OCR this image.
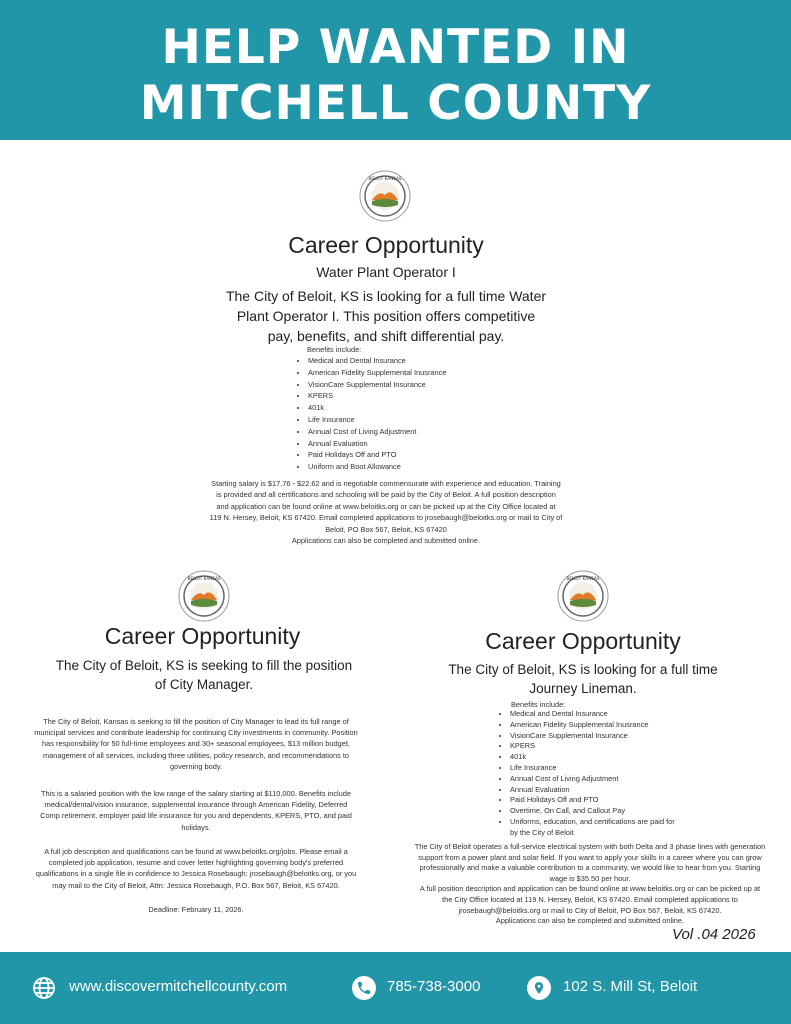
HELP WANTED IN
MITCHELL COUNTY
BELOIT KANSAS
Career Opportunity
Water Plant Operator I
The City of Beloit, KS is looking for a full time Water
Plant Operator I. This position offers competitive
pay, benefits, and shift differential pay.
Benefits include:
• Medical and Dental Insurance
• American Fidelity Supplemental Inusrance
• VisionCare Supplemental Insurance
• KPERS
• 401k
• Life Insurance
• Annual Cost of Living Adjustment
• Annual Evaluation
• Paid Holidays Off and PTO
• Uniform and Boot Allowance
Starting salary is $17.76 - $22.62 and is negotiable commensurate with experience and education. Training
is provided and all certifications and schooling will be paid by the City of Beloit. A full position description
and application can be found online at www.beloitks.org or can be picked up at the City Office located at
119 N. Hersey, Beloit, KS 67420. Email completed applications to jrosebaugh@beloitks.org or mail to City of
Beloit, PO Box 567, Beloit, KS 67420
Applications can also be completed and submitted online.
BELOIT KANSAS
Career Opportunity
The City of Beloit, KS is seeking to fill the position
of City Manager.
The City of Beloit, Kansas is seeking to fill the position of City Manager to lead its full range of
municipal services and contribute leadership for continuing City investments in community. Position
has responsibility for 50 full-time employees and 30+ seasonal employees, $13 million budget,
management of all services, including three utilities, policy research, and recommendations to
governing body.
This is a salaried position with the low range of the salary starting at $110,000. Benefits include
medical/dental/vision insurance, supplemental insurance through American Fidelity, Deferred
Comp retirement, employer paid life insurance for you and dependents, KPERS, PTO, and paid
holidays.
A full job description and qualifications can be found at www.beloitks.org/jobs. Please email a
completed job application, resume and cover letter highlighting governing body's preferred
qualifications in a single file in confidence to Jessica Rosebaugh: jrosebaugh@beloitks.org, or you
may mail to the City of Beloit, Attn: Jessica Rosebaugh, P.O. Box 567, Beloit, KS 67420.
Deadline: February 11, 2026.
BELOIT KANSAS
Career Opportunity
The City of Beloit, KS is looking for a full time
Journey Lineman.
Benefits include:
• Medical and Dental Insurance
• American Fidelity Supplemental Inusrance
• VisionCare Supplemental Insurance
• KPERS
• 401k
• Life Insurance
• Annual Cost of Living Adjustment
• Annual Evaluation
• Paid Holidays Off and PTO
• Overtime, On Call, and Callout Pay
• Uniforms, education, and certifications are paid for by the City of Beloit
The City of Beloit operates a full-service electrical system with both Delta and 3 phase lines with generation
support from a power plant and solar field. If you want to apply your skills in a career where you can grow
professionally and make a valuable contribution to a community, we would like to hear from you. Starting
wage is $35.50 per hour.
A full position description and application can be found online at www.beloitks.org or can be picked up at
the City Office located at 119 N. Hersey, Beloit, KS 67420. Email completed applications to
jrosebaugh@beloitks.org or mail to City of Beloit, PO Box 567, Beloit, KS 67420.
Applications can also be completed and submitted online.
Vol .04 2026
www.discovermitchellcounty.com	785-738-3000	102 S. Mill St, Beloit
